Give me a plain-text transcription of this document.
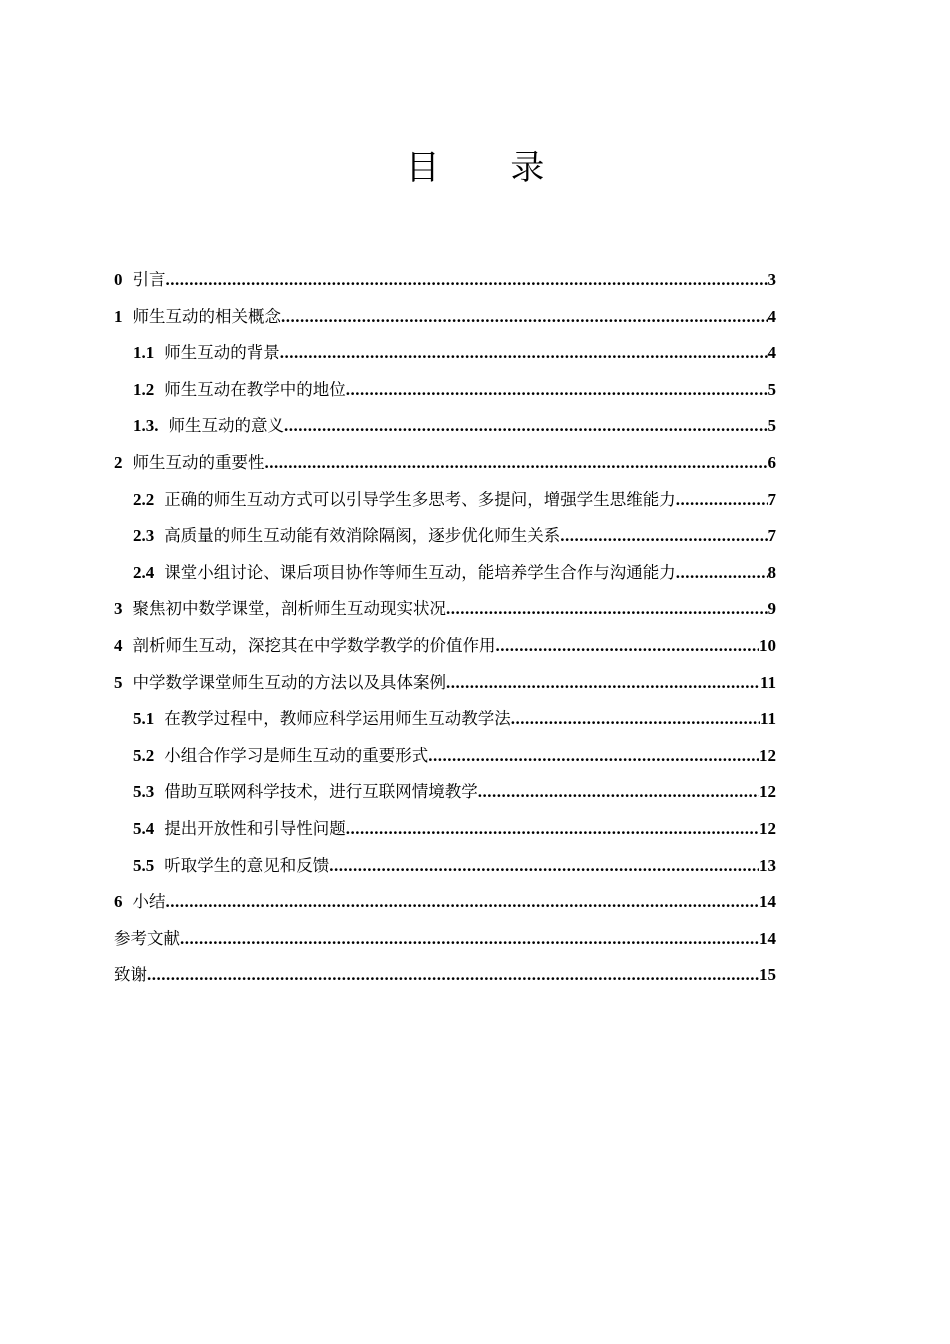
目 录
0 引言 .....	3
1 师生互动的相关概念 .....	4
1.1 师生互动的背景 .....	4
1.2 师生互动在教学中的地位 .....	5
1.3. 师生互动的意义 .....	5
2 师生互动的重要性 .....	6
2.2 正确的师生互动方式可以引导学生多思考、多提问，增强学生思维能力 .....	7
2.3 高质量的师生互动能有效消除隔阂，逐步优化师生关系 .....	7
2.4 课堂小组讨论、课后项目协作等师生互动，能培养学生合作与沟通能力 .....	8
3 聚焦初中数学课堂，剖析师生互动现实状况 .....	9
4 剖析师生互动，深挖其在中学数学教学的价值作用 .....	10
5 中学数学课堂师生互动的方法以及具体案例 .....	11
5.1 在教学过程中，教师应科学运用师生互动教学法 .....	11
5.2 小组合作学习是师生互动的重要形式 .....	12
5.3 借助互联网科学技术，进行互联网情境教学 .....	12
5.4 提出开放性和引导性问题 .....	12
5.5 听取学生的意见和反馈 .....	13
6 小结 .....	14
参考文献 .....	14
致谢 .....	15
